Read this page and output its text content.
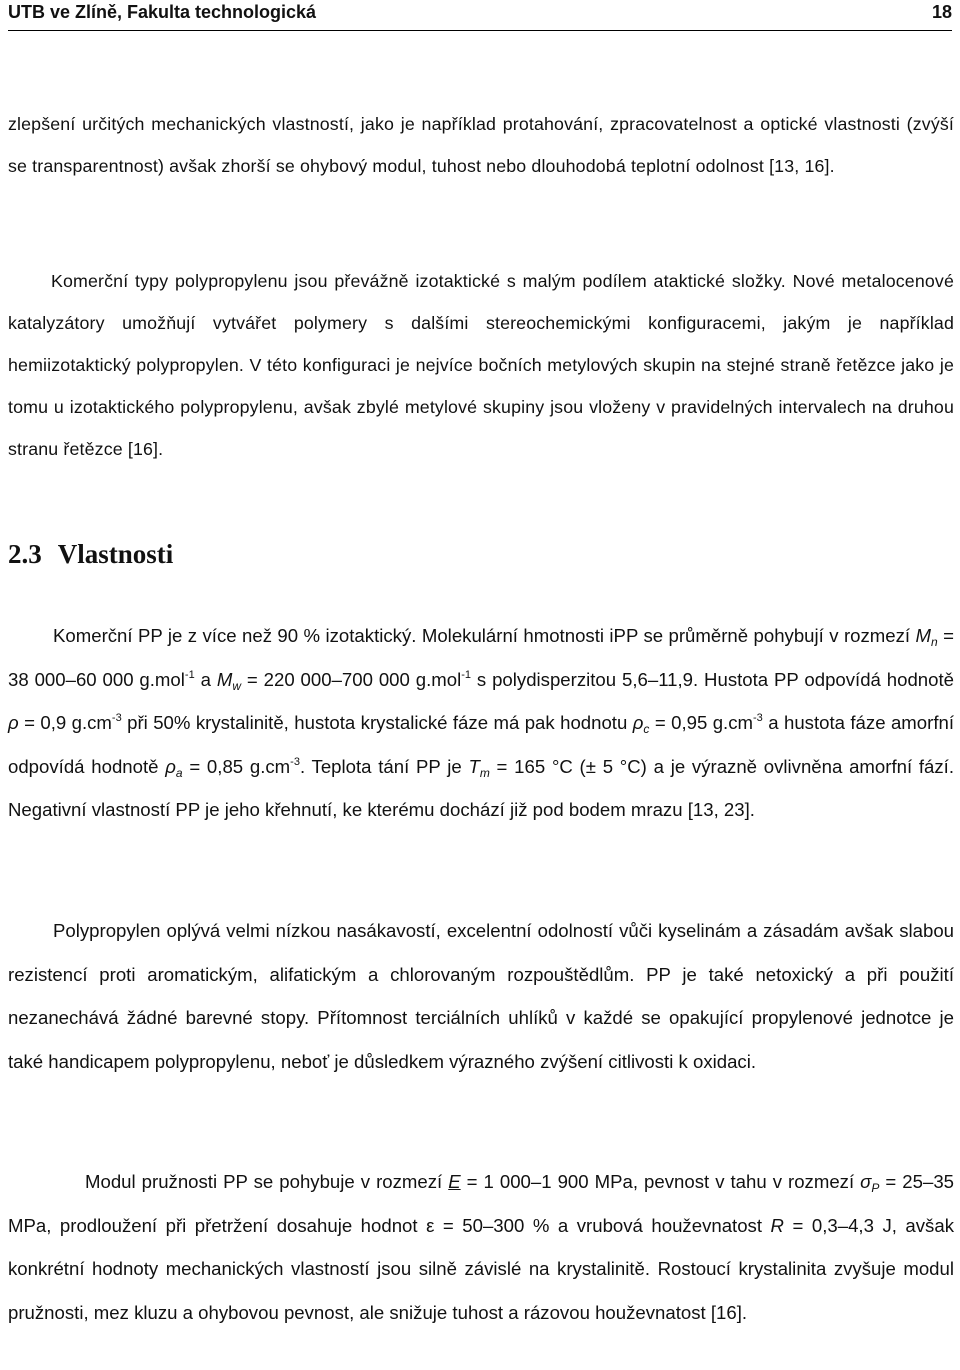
UTB ve Zlíně, Fakulta technologická	18
zlepšení určitých mechanických vlastností, jako je například protahování, zpracovatelnost a optické vlastnosti (zvýší se transparentnost) avšak zhorší se ohybový modul, tuhost nebo dlouhodobá teplotní odolnost [13, 16].
Komerční typy polypropylenu jsou převážně izotaktické s malým podílem ataktické složky. Nové metalocenové katalyzátory umožňují vytvářet polymery s dalšími stereochemickými konfiguracemi, jakým je například hemiizotaktický polypropylen. V této konfiguraci je nejvíce bočních metylových skupin na stejné straně řetězce jako je tomu u izotaktického polypropylenu, avšak zbylé metylové skupiny jsou vloženy v pravidelných intervalech na druhou stranu řetězce [16].
2.3 Vlastnosti
Komerční PP je z více než 90 % izotaktický. Molekulární hmotnosti iPP se průměrně pohybují v rozmezí $M_n = 38$ 000–60 000 g.mol$^{-1}$ a $M_w = 220$ 000–700 000 g.mol$^{-1}$ s polydisperzitou 5,6–11,9. Hustota PP odpovídá hodnotě ρ = 0,9 $g.cm^{-3}$ při 50% krystalinitě, hustota krystalické fáze má pak hodnotu $\rho_c = 0,95$ $g.cm^{-3}$ a hustota fáze amorfní odpovídá hodnotě $\rho_a = 0,85$ $g.cm^{-3}$. Teplota tání PP je $T_m = 165$ °C (± 5 °C) a je výrazně ovlivněna amorfní fází. Negativní vlastností PP je jeho křehnutí, ke kterému dochází již pod bodem mrazu [13, 23].
Polypropylen oplývá velmi nízkou nasákavostí, excelentní odolností vůči kyselinám a zásadám avšak slabou rezistencí proti aromatickým, alifatickým a chlorovaným rozpouštědlům. PP je také netoxický a při použití nezanechává žádné barevné stopy. Přítomnost terciálních uhlíků v každé se opakující propylenové jednotce je také handicapem polypropylenu, neboť je důsledkem výrazného zvýšení citlivosti k oxidaci.
Modul pružnosti PP se pohybuje v rozmezí E = 1 000–1 900 MPa, pevnost v tahu v rozmezí $\sigma_P = 25-35$ MPa, prodloužení při přetržení dosahuje hodnot ε = 50–300 % a vrubová houževnatost R = 0,3–4,3 J, avšak konkrétní hodnoty mechanických vlastností jsou silně závislé na krystalinitě. Rostoucí krystalinita zvyšuje modul pružnosti, mez kluzu a ohybovou pevnost, ale snižuje tuhost a rázovou houževnatost [16].
